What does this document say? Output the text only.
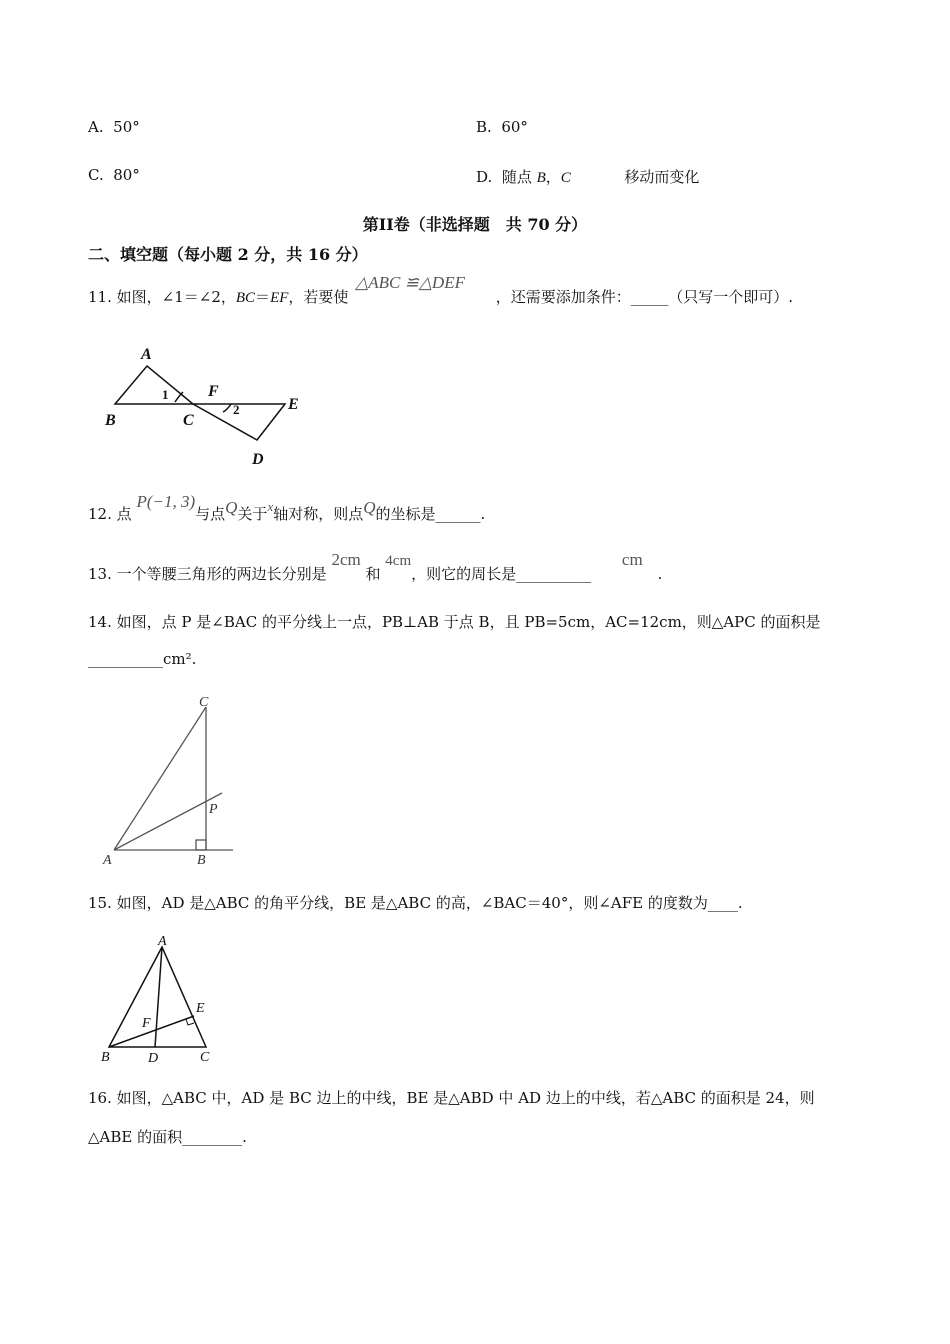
A. 50°	B. 60°
C. 80°	D. 随点 B，C	移动而变化
第II卷（非选择题　共 70 分）
二、填空题（每小题 2 分，共 16 分）
11. 如图，∠1＝∠2，BC＝EF，若要使 △ABC ≌△DEF ，还需要添加条件：_____（只写一个即可）.
A
B	C
D
E
F
1
2
12. 点 P(−1, 3)与点Q关于x轴对称，则点Q的坐标是______.
13. 一个等腰三角形的两边长分别是 2cm 和 4cm，则它的周长是__________ cm .
14. 如图，点 P 是∠BAC 的平分线上一点，PB⊥AB 于点 B，且 PB=5cm，AC=12cm，则△APC 的面积是
__________cm².
A	B
C
P
15. 如图，AD 是△ABC 的角平分线，BE 是△ABC 的高，∠BAC＝40°，则∠AFE 的度数为____.
A
B	C
D
E
F
16. 如图，△ABC 中，AD 是 BC 边上的中线，BE 是△ABD 中 AD 边上的中线，若△ABC 的面积是 24，则
△ABE 的面积________.
